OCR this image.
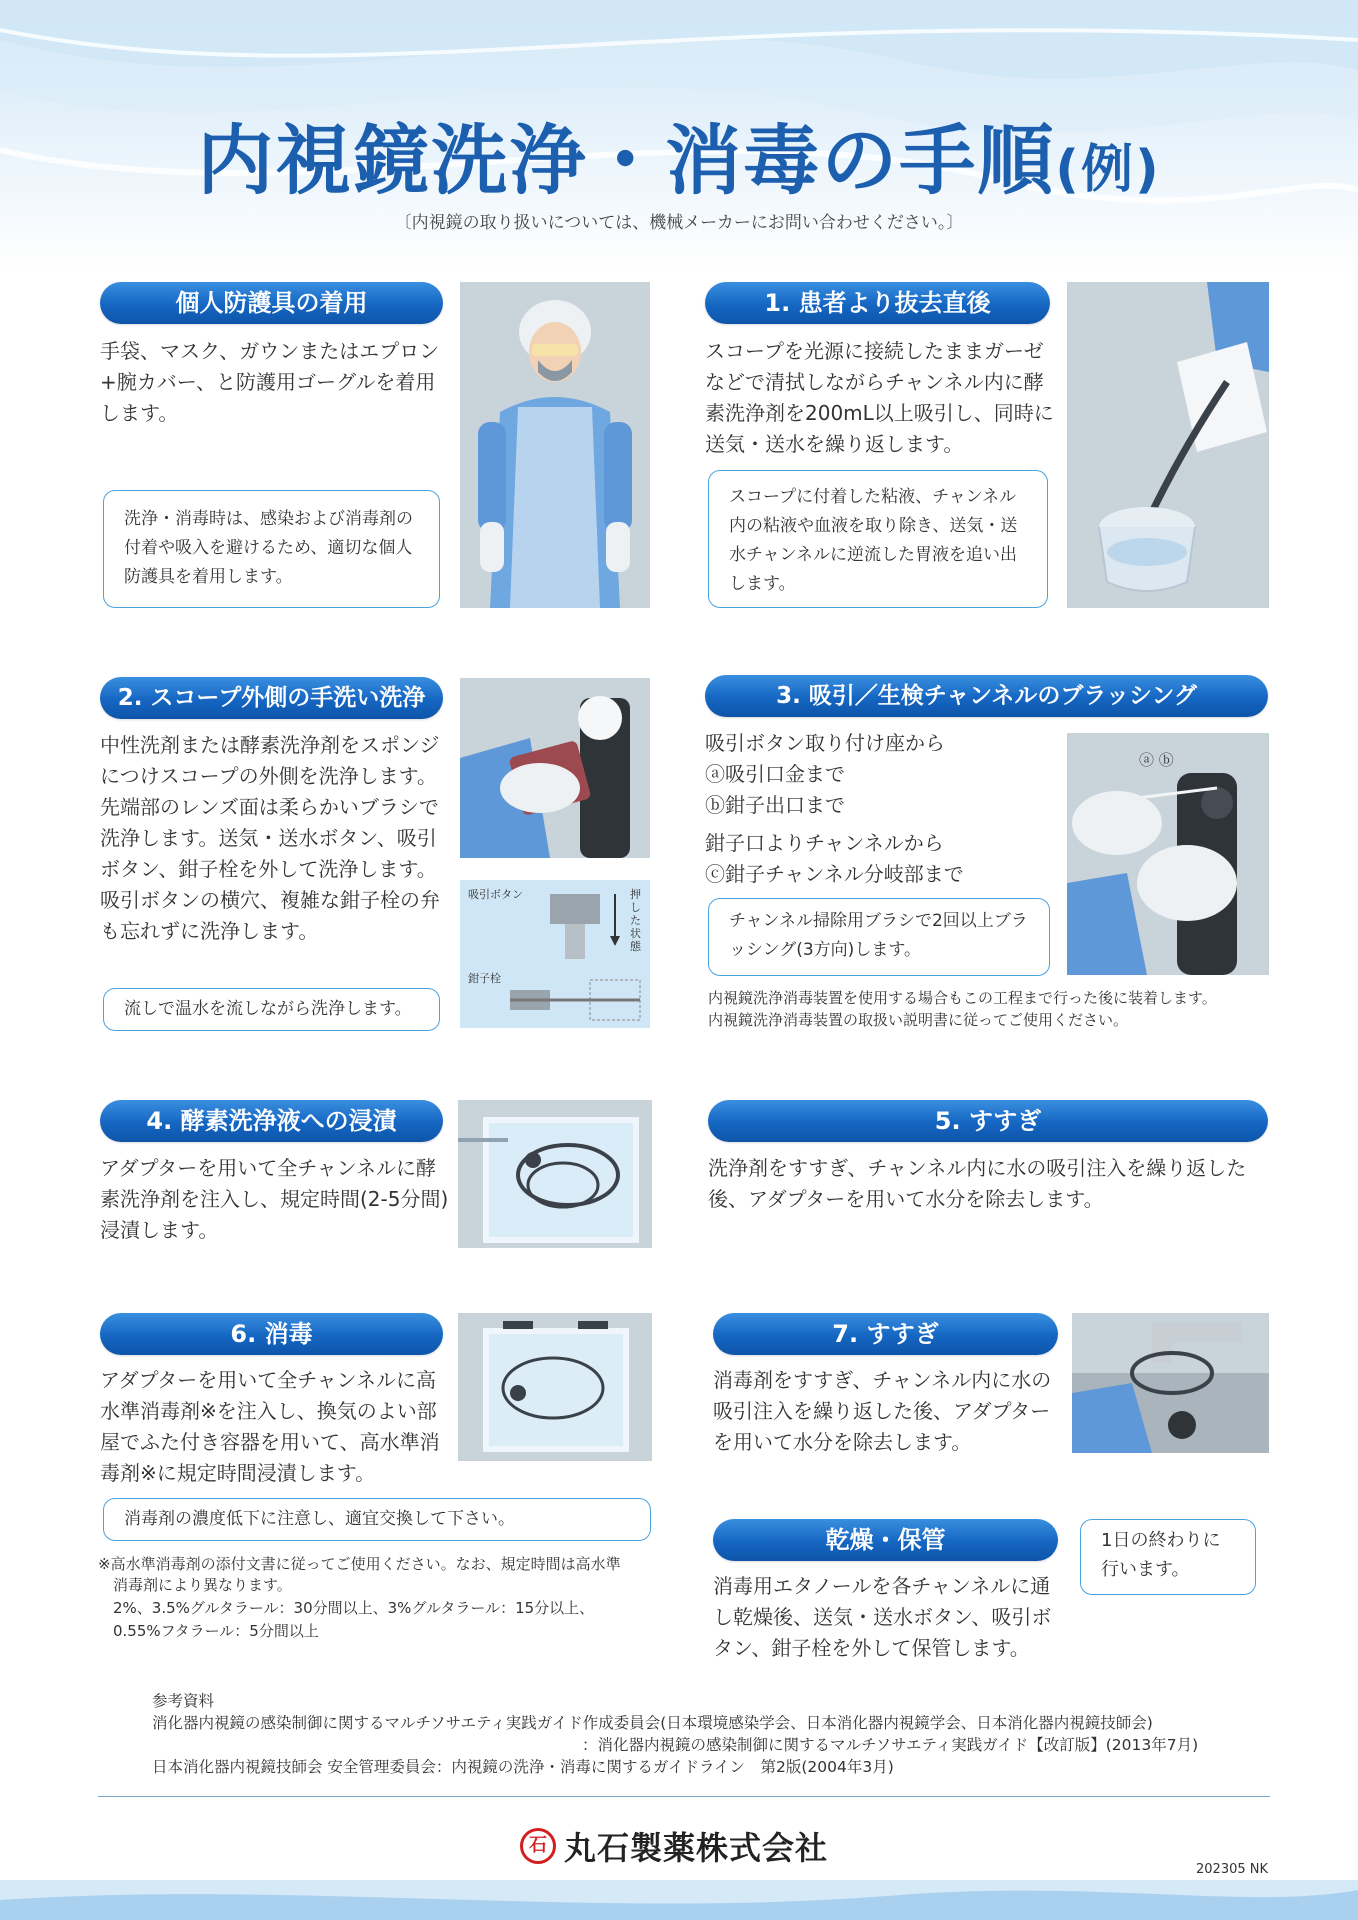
内視鏡洗浄・消毒の手順(例)
〔内視鏡の取り扱いについては、機械メーカーにお問い合わせください。〕
個人防護具の着用
手袋、マスク、ガウンまたはエプロン+腕カバー、と防護用ゴーグルを着用します。
洗浄・消毒時は、感染および消毒剤の付着や吸入を避けるため、適切な個人防護具を着用します。
1. 患者より抜去直後
スコープを光源に接続したままガーゼなどで清拭しながらチャンネル内に酵素洗浄剤を200mL以上吸引し、同時に送気・送水を繰り返します。
スコープに付着した粘液、チャンネル内の粘液や血液を取り除き、送気・送水チャンネルに逆流した胃液を追い出します。
2. スコープ外側の手洗い洗浄
中性洗剤または酵素洗浄剤をスポンジにつけスコープの外側を洗浄します。先端部のレンズ面は柔らかいブラシで洗浄します。送気・送水ボタン、吸引ボタン、鉗子栓を外して洗浄します。吸引ボタンの横穴、複雑な鉗子栓の弁も忘れずに洗浄します。
流しで温水を流しながら洗浄します。
吸引ボタン	押した状態
鉗子栓
3. 吸引／生検チャンネルのブラッシング
吸引ボタン取り付け座から
ⓐ吸引口金まで
ⓑ鉗子出口まで
鉗子口よりチャンネルから
ⓒ鉗子チャンネル分岐部まで
チャンネル掃除用ブラシで2回以上ブラッシング(3方向)します。
ⓐ ⓑ
内視鏡洗浄消毒装置を使用する場合もこの工程まで行った後に装着します。
内視鏡洗浄消毒装置の取扱い説明書に従ってご使用ください。
4. 酵素洗浄液への浸漬
アダプターを用いて全チャンネルに酵素洗浄剤を注入し、規定時間(2-5分間)浸漬します。
5. すすぎ
洗浄剤をすすぎ、チャンネル内に水の吸引注入を繰り返した後、アダプターを用いて水分を除去します。
6. 消毒
アダプターを用いて全チャンネルに高水準消毒剤※を注入し、換気のよい部屋でふた付き容器を用いて、高水準消毒剤※に規定時間浸漬します。
消毒剤の濃度低下に注意し、適宜交換して下さい。
※高水準消毒剤の添付文書に従ってご使用ください。なお、規定時間は高水準
消毒剤により異なります。
2%、3.5%グルタラール：30分間以上、3%グルタラール：15分以上、
0.55%フタラール：5分間以上
7. すすぎ
消毒剤をすすぎ、チャンネル内に水の吸引注入を繰り返した後、アダプターを用いて水分を除去します。
乾燥・保管
消毒用エタノールを各チャンネルに通し乾燥後、送気・送水ボタン、吸引ボタン、鉗子栓を外して保管します。
1日の終わりに行います。
参考資料
消化器内視鏡の感染制御に関するマルチソサエティ実践ガイド作成委員会(日本環境感染学会、日本消化器内視鏡学会、日本消化器内視鏡技師会)
：消化器内視鏡の感染制御に関するマルチソサエティ実践ガイド【改訂版】(2013年7月)
日本消化器内視鏡技師会 安全管理委員会：内視鏡の洗浄・消毒に関するガイドライン　第2版(2004年3月)
石 丸石製薬株式会社
202305 NK
